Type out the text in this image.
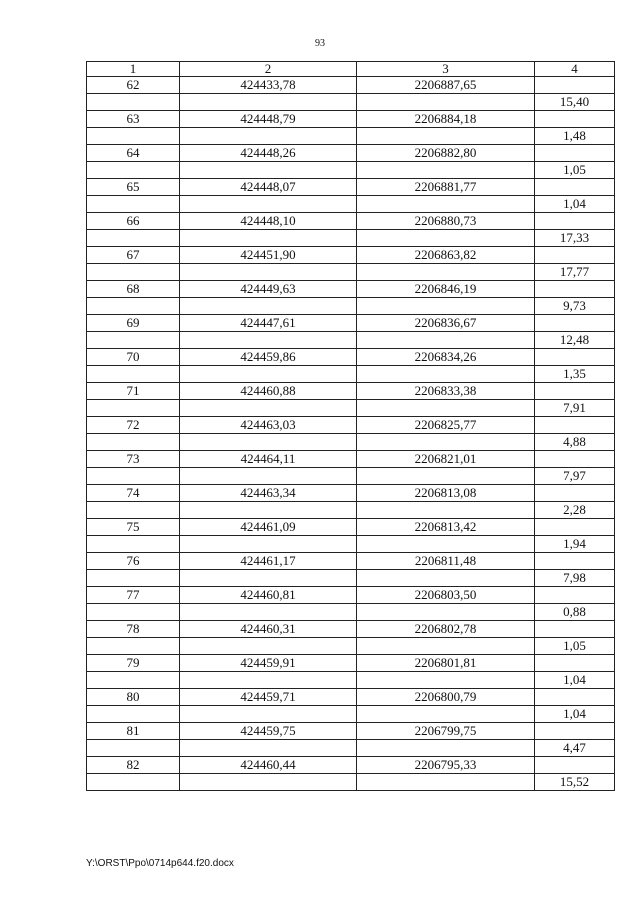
93
1	2	3	4
62	424433,78	2206887,65	
			15,40
63	424448,79	2206884,18	
			1,48
64	424448,26	2206882,80	
			1,05
65	424448,07	2206881,77	
			1,04
66	424448,10	2206880,73	
			17,33
67	424451,90	2206863,82	
			17,77
68	424449,63	2206846,19	
			9,73
69	424447,61	2206836,67	
			12,48
70	424459,86	2206834,26	
			1,35
71	424460,88	2206833,38	
			7,91
72	424463,03	2206825,77	
			4,88
73	424464,11	2206821,01	
			7,97
74	424463,34	2206813,08	
			2,28
75	424461,09	2206813,42	
			1,94
76	424461,17	2206811,48	
			7,98
77	424460,81	2206803,50	
			0,88
78	424460,31	2206802,78	
			1,05
79	424459,91	2206801,81	
			1,04
80	424459,71	2206800,79	
			1,04
81	424459,75	2206799,75	
			4,47
82	424460,44	2206795,33	
			15,52
Y:\ORST\Ppo\0714p644.f20.docx
